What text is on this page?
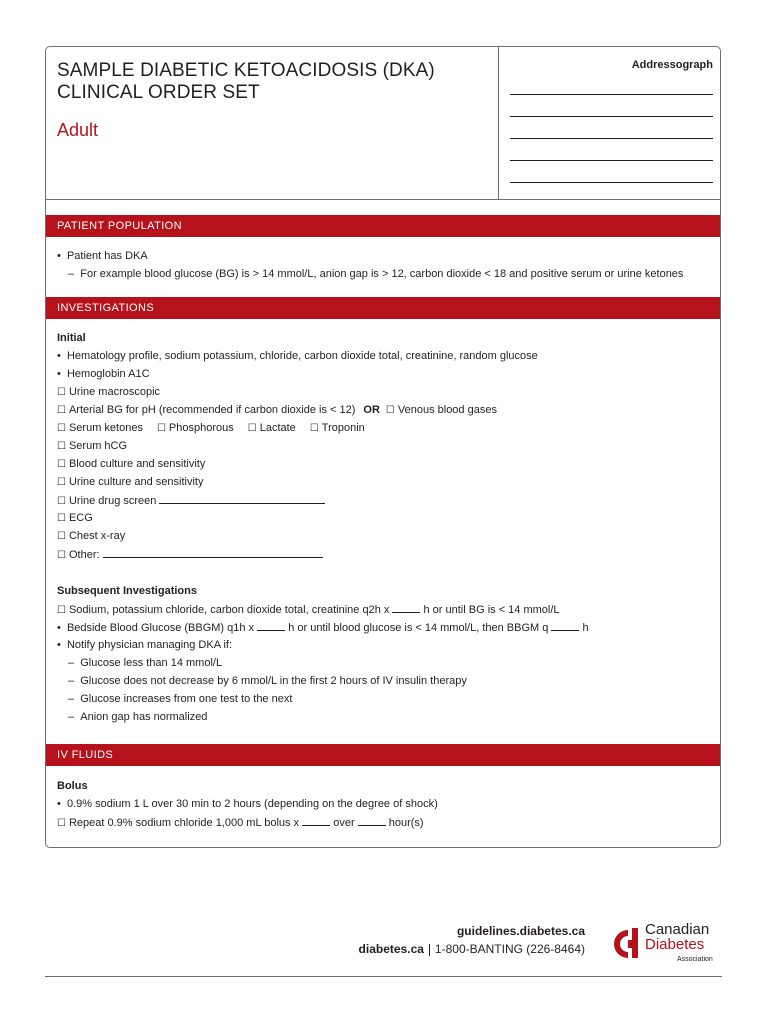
SAMPLE DIABETIC KETOACIDOSIS (DKA)
CLINICAL ORDER SET
Adult
Addressograph
PATIENT POPULATION
•  Patient has DKA
–  For example blood glucose (BG) is > 14 mmol/L, anion gap is > 12, carbon dioxide < 18 and positive serum or urine ketones
INVESTIGATIONS
Initial
•  Hematology profile, sodium potassium, chloride, carbon dioxide total, creatinine, random glucose
•  Hemoglobin A1C
☐ Urine macroscopic
☐ Arterial BG for pH (recommended if carbon dioxide is < 12) OR ☐ Venous blood gases
☐ Serum ketones ☐ Phosphorous ☐ Lactate ☐ Troponin
☐ Serum hCG
☐ Blood culture and sensitivity
☐ Urine culture and sensitivity
☐ Urine drug screen
☐ ECG
☐ Chest x-ray
☐ Other:
Subsequent Investigations
☐ Sodium, potassium chloride, carbon dioxide total, creatinine q2h x	h or until BG is < 14 mmol/L
•  Bedside Blood Glucose (BBGM) q1h x	h or until blood glucose is < 14 mmol/L, then BBGM q	h
•  Notify physician managing DKA if:
–  Glucose less than 14 mmol/L
–  Glucose does not decrease by 6 mmol/L in the first 2 hours of IV insulin therapy
–  Glucose increases from one test to the next
–  Anion gap has normalized
IV FLUIDS
Bolus
•  0.9% sodium 1 L over 30 min to 2 hours (depending on the degree of shock)
☐ Repeat 0.9% sodium chloride 1,000 mL bolus x	over	hour(s)
guidelines.diabetes.ca
diabetes.ca 1-800-BANTING (226-8464)
Canadian
Diabetes
Association
